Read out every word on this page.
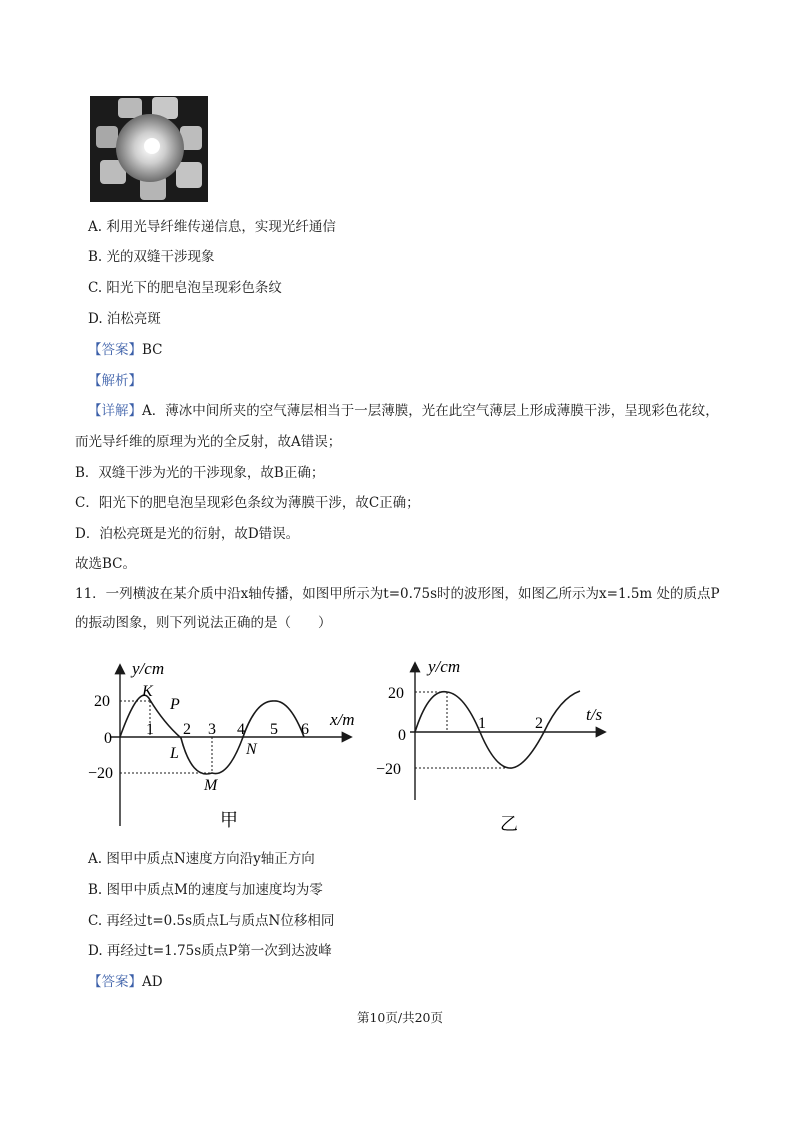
A. 利用光导纤维传递信息，实现光纤通信
B. 光的双缝干涉现象
C. 阳光下的肥皂泡呈现彩色条纹
D. 泊松亮斑
【答案】BC
【解析】
【详解】A．薄冰中间所夹的空气薄层相当于一层薄膜，光在此空气薄层上形成薄膜干涉，呈现彩色花纹，
而光导纤维的原理为光的全反射，故A错误；
B．双缝干涉为光的干涉现象，故B正确；
C．阳光下的肥皂泡呈现彩色条纹为薄膜干涉，故C正确；
D．泊松亮斑是光的衍射，故D错误。
故选BC。
11．一列横波在某介质中沿x轴传播，如图甲所示为t=0.75s时的波形图，如图乙所示为x=1.5m 处的质点P
的振动图象，则下列说法正确的是（　　）
y/cm
x/m
20
0
−20
1 2 3 4 5 6
K
P
L
M
N
甲
y/cm
t/s
20
0
−20
1	2
乙
A. 图甲中质点N速度方向沿y轴正方向
B. 图甲中质点M的速度与加速度均为零
C. 再经过t=0.5s质点L与质点N位移相同
D. 再经过t=1.75s质点P第一次到达波峰
【答案】AD
第10页/共20页
